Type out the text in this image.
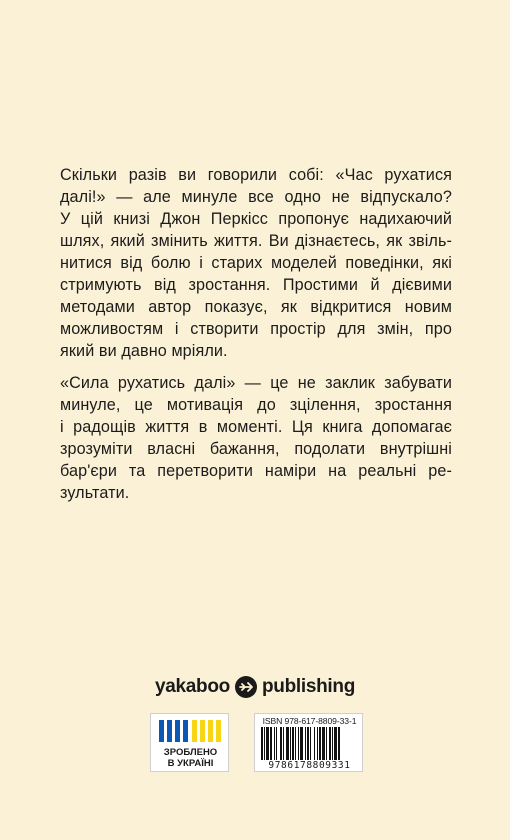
Скільки разів ви говорили собі: «Час рухатися
далі!» — але минуле все одно не відпускало?
У цій книзі Джон Перкісс пропонує надихаючий
шлях, який змінить життя. Ви дізнаєтесь, як звіль-
нитися від болю і старих моделей поведінки, які
стримують від зростання. Простими й дієвими
методами автор показує, як відкритися новим
можливостям і створити простір для змін, про
який ви давно мріяли.
«Сила рухатись далі» — це не заклик забувати
минуле, це мотивація до зцілення, зростання
і радощів життя в моменті. Ця книга допомагає
зрозуміти власні бажання, подолати внутрішні
бар'єри та перетворити наміри на реальні ре-
зультати.
yakaboo publishing
ЗРОБЛЕНО
В УКРАЇНІ
ISBN 978-617-8809-33-1
9786178809331
